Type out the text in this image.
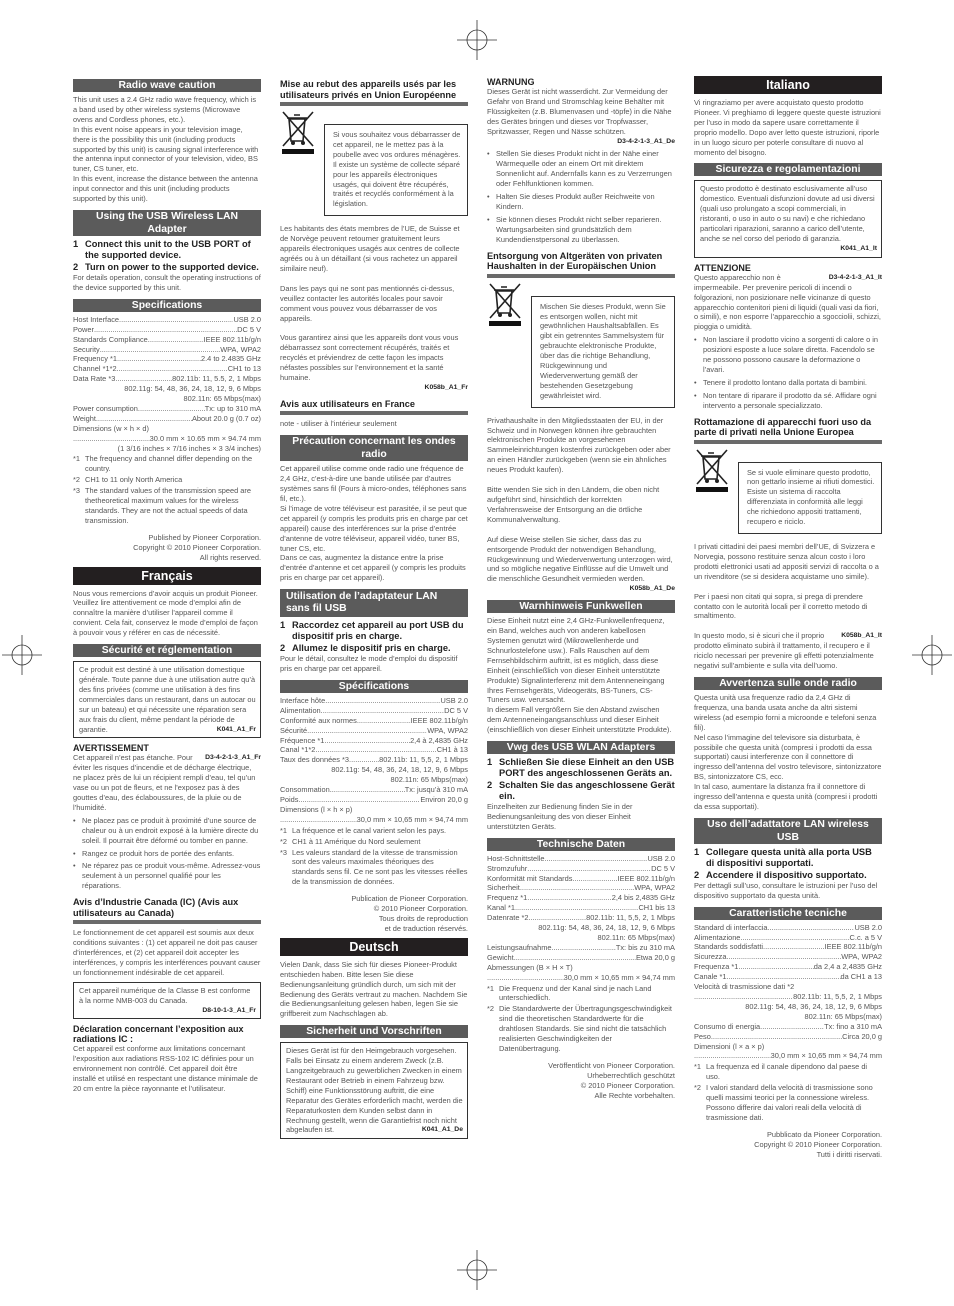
Radio wave caution

This unit uses a 2.4 GHz radio wave frequency, which is a band used by other wireless systems (Microwave ovens and Cordless phones, etc.).

In this event noise appears in your television image, there is the possibility this unit (including products supported by this unit) is causing signal interference with the antenna input connector of your television, video, BS tuner, CS tuner, etc.

In this event, increase the distance between the antenna input connector and this unit (including products supported by this unit).

Using the USB Wireless LAN Adapter
1 Connect this unit to the USB PORT of the supported device.
2 Turn on power to the supported device.

For details operation, consult the operating instructions of the device supported by this unit.

Specifications
Host Interface .....	USB 2.0
Power .....	DC 5 V
Standards Compliance .....	IEEE 802.11b/g/n
Security .....	WPA, WPA2
Frequency *1 .....	2.4 to 2.4835 GHz
Channel *1*2 .....	CH1 to 13
Data Rate *3 .....	802.11b: 11, 5.5, 2, 1 Mbps
802.11g: 54, 48, 36, 24, 18, 12, 9, 6 Mbps
802.11n: 65 Mbps(max)
Power consumption .....	Tx: up to 310 mA
Weight .....	About 20.0 g (0.7 oz)
Dimensions (w × h × d)
.....
30.0 mm × 10.65 mm × 94.74 mm
(1 3/16 inches × 7/16 inches × 3 3/4 inches)
*1 The frequency and channel differ depending on the country.
*2 CH1 to 11 only North America
*3 The standard values of the transmission speed are thetheoretical maximum values for the wireless standards. They are not the actual speeds of data transmission.
Published by Pioneer Corporation.
Copyright © 2010 Pioneer Corporation.
All rights reserved.
Français

Nous vous remercions d’avoir acquis un produit Pioneer. Veuillez lire attentivement ce mode d’emploi afin de connaître la manière d’utiliser l’appareil comme il convient. Cela fait, conservez le mode d’emploi de façon à pouvoir vous y référer en cas de nécessité.

Sécurité et réglementation
Ce produit est destiné à une utilisation domestique générale. Toute panne due à une utilisation autre qu’à des fins privées (comme une utilisation à des fins commerciales dans un restaurant, dans un autocar ou sur un bateau) et qui nécessite une réparation sera aux frais du client, même pendant la période de garantie.	K041_A1_Fr
AVERTISSEMENT

D3-4-2-1-3_A1_Fr
Cet appareil n’est pas étanche. Pour éviter les risques d’incendie et de décharge électrique, ne placez près de lui un récipient rempli d’eau, tel qu’un vase ou un pot de fleurs, et ne l’exposez pas à des gouttes d’eau, des éclaboussures, de la pluie ou de l’humidité.

• Ne placez pas ce produit à proximité d’une source de chaleur ou à un endroit exposé à la lumière directe du soleil. Il pourrait être déformé ou tomber en panne.
• Rangez ce produit hors de portée des enfants.
• Ne réparez pas ce produit vous-même. Adressez-vous seulement à un personnel qualifié pour les réparations.
Avis d’Industrie Canada (IC) (Avis aux utilisateurs au Canada)

Le fonctionnement de cet appareil est soumis aux deux conditions suivantes : (1) cet appareil ne doit pas causer d’interférences, et (2) cet appareil doit accepter les interférences, y compris les interférences pouvant causer un fonctionnement indésirable de cet appareil.

Cet appareil numérique de la Classe B est conforme à la norme NMB-003 du Canada.
D8-10-1-3_A1_Fr
Déclaration concernant l’exposition aux radiations IC :

Cet appareil est conforme aux limitations concernant l’exposition aux radiations RSS-102 IC définies pour un environnement non contrôlé. Cet appareil doit être installé et utilisé en respectant une distance minimale de 20 cm entre la pièce rayonnante et l’utilisateur.

Mise au rebut des appareils usés par les utilisateurs privés en Union Européenne
Si vous souhaitez vous débarrasser de cet appareil, ne le mettez pas à la poubelle avec vos ordures ménagères. Il existe un système de collecte séparé pour les appareils électroniques usagés, qui doivent être récupérés, traités et recyclés conformément à la législation.

Les habitants des états membres de l’UE, de Suisse et de Norvège peuvent retourner gratuitement leurs appareils électroniques usagés aux centres de collecte agréés ou à un détaillant (si vous rachetez un appareil similaire neuf).

Dans les pays qui ne sont pas mentionnés ci-dessus, veuillez contacter les autorités locales pour savoir comment vous pouvez vous débarrasser de vos appareils.

Vous garantirez ainsi que les appareils dont vous vous débarrassez sont correctement récupérés, traités et recyclés et préviendrez de cette façon les impacts néfastes possibles sur l’environnement et la santé humaine.
K058b_A1_Fr

Avis aux utilisateurs en France

note - utiliser à l’intérieur seulement

Précaution concernant les ondes radio

Cet appareil utilise comme onde radio une fréquence de 2,4 GHz, c’est-à-dire une bande utilisée par d’autres systèmes sans fil (Fours à micro-ondes, téléphones sans fil, etc.).

Si l’image de votre téléviseur est parasitée, il se peut que cet appareil (y compris les produits pris en charge par cet appareil) cause des interférences sur la prise d’entrée d’antenne de votre téléviseur, appareil vidéo, tuner BS, tuner CS, etc.

Dans ce cas, augmentez la distance entre la prise d’entrée d’antenne et cet appareil (y compris les produits pris en charge par cet appareil).

Utilisation de l’adaptateur LAN sans fil USB
1 Raccordez cet appareil au port USB du dispositif pris en charge.
2 Allumez le dispositif pris en charge.

Pour le détail, consultez le mode d’emploi du dispositif pris en charge par cet appareil.

Spécifications
Interface hôte .....	USB 2.0
Alimentation .....	DC 5 V
Conformité aux normes .....	IEEE 802.11b/g/n
Sécurité .....	WPA, WPA2
Fréquence *1 .....	2,4 à 2,4835 GHz
Canal *1*2 .....	CH1 à 13
Taux des données *3 .....	802.11b: 11, 5,5, 2, 1 Mbps
802.11g: 54, 48, 36, 24, 18, 12, 9, 6 Mbps
802.11n: 65 Mbps(max)
Consommation .....	Tx: jusqu’à 310 mA
Poids .....	Environ 20,0 g
Dimensions (l × h × p)
.....
30,0 mm × 10,65 mm × 94,74 mm
*1 La fréquence et le canal varient selon les pays.
*2 CH1 à 11 Amérique du Nord seulement
*3 Les valeurs standard de la vitesse de transmission sont des valeurs maximales théoriques des standards sens fil. Ce ne sont pas les vitesses réelles de la transmission de données.
Publication de Pioneer Corporation.
© 2010 Pioneer Corporation.
Tous droits de reproduction
et de traduction réservés.
Deutsch

Vielen Dank, dass Sie sich für dieses Pioneer-Produkt entschieden haben. Bitte lesen Sie diese Bedienungsanleitung gründlich durch, um sich mit der Bedienung des Geräts vertraut zu machen. Nachdem Sie die Bedienungsanleitung gelesen haben, legen Sie sie griffbereit zum Nachschlagen ab.

Sicherheit und Vorschriften
Dieses Gerät ist für den Heimgebrauch vorgesehen. Falls bei Einsatz zu einem anderem Zweck (z.B. Langzeitgebrauch zu gewerblichen Zwecken in einem Restaurant oder Betrieb in einem Fahrzeug bzw. Schiff) eine Funktionsstörung auftritt, die eine Reparatur des Gerätes erforderlich macht, werden die Reparaturkosten dem Kunden selbst dann in Rechnung gestellt, wenn die Garantiefrist noch nicht abgelaufen ist.	K041_A1_De
WARNUNG

Dieses Gerät ist nicht wasserdicht. Zur Vermeidung der Gefahr von Brand und Stromschlag keine Behälter mit Flüssigkeiten (z.B. Blumenvasen und -töpfe) in die Nähe des Gerätes bringen und dieses vor Tropfwasser, Spritzwasser, Regen und Nässe schützen.
D3-4-2-1-3_A1_De

• Stellen Sie dieses Produkt nicht in der Nähe einer Wärmequelle oder an einem Ort mit direktem Sonnenlicht auf. Andernfalls kann es zu Verzerrungen oder Fehlfunktionen kommen.
• Halten Sie dieses Produkt außer Reichweite von Kindern.
• Sie können dieses Produkt nicht selber reparieren. Wartungsarbeiten sind grundsätzlich dem Kundendienstpersonal zu überlassen.
Entsorgung von Altgeräten von privaten Haushalten in der Europäischen Union
Mischen Sie dieses Produkt, wenn Sie es entsorgen wollen, nicht mit gewöhnlichen Haushaltsabfällen. Es gibt ein getrenntes Sammelsystem für gebrauchte elektronische Produkte, über das die richtige Behandlung, Rückgewinnung und Wiederverwertung gemäß der bestehenden Gesetzgebung gewährleistet wird.

Privathaushalte in den Mitgliedsstaaten der EU, in der Schweiz und in Norwegen können ihre gebrauchten elektronischen Produkte an vorgesehenen Sammeleinrichtungen kostenfrei zurückgeben oder aber an einen Händler zurückgeben (wenn sie ein ähnliches neues Produkt kaufen).

Bitte wenden Sie sich in den Ländern, die oben nicht aufgeführt sind, hinsichtlich der korrekten Verfahrensweise der Entsorgung an die örtliche Kommunalverwaltung.

Auf diese Weise stellen Sie sicher, dass das zu entsorgende Produkt der notwendigen Behandlung, Rückgewinnung und Wiederverwertung unterzogen wird, und so mögliche negative Einflüsse auf die Umwelt und die menschliche Gesundheit vermieden werden.
K058b_A1_De

Warnhinweis Funkwellen

Diese Einheit nutzt eine 2,4 GHz-Funkwellenfrequenz, ein Band, welches auch von anderen kabellosen Systemen genutzt wird (Mikrowellenherde und Schnurlostelefone usw.). Falls Rauschen auf dem Fernsehbildschirm auftritt, ist es möglich, dass diese Einheit (einschließlich von dieser Einheit unterstützte Produkte) Signalinterferenz mit dem Antenneneingang Ihres Fernsehgeräts, Videogeräts, BS-Tuners, CS-Tuners usw. verursacht.

In diesem Fall vergrößern Sie den Abstand zwischen dem Antenneneingangsanschluss und dieser Einheit (einschließlich von dieser Einheit unterstützte Produkte).

Vwg des USB WLAN Adapters
1 Schließen Sie diese Einheit an den USB PORT des angeschlossenen Geräts an.
2 Schalten Sie das angeschlossene Gerät ein.

Einzelheiten zur Bedienung finden Sie in der Bedienungsanleitung des von dieser Einheit unterstützten Geräts.

Technische Daten
Host-Schnittstelle .....	USB 2.0
Stromzufuhr .....	DC 5 V
Konformität mit Standards .....	IEEE 802.11b/g/n
Sicherheit .....	WPA, WPA2
Frequenz *1 .....	2,4 bis 2,4835 GHz
Kanal *1 .....	CH1 bis 13
Datenrate *2 .....	802.11b: 11, 5,5, 2, 1 Mbps
802.11g: 54, 48, 36, 24, 18, 12, 9, 6 Mbps
802.11n: 65 Mbps(max)
Leistungsaufnahme .....	Tx: bis zu 310 mA
Gewicht .....	Etwa 20,0 g
Abmessungen (B × H × T)
.....
30,0 mm × 10,65 mm × 94,74 mm
*1 Die Frequenz und der Kanal sind je nach Land unterschiedlich.
*2 Die Standardwerte der Übertragungsgeschwindigkeit sind die theoretischen Standardwerte für die drahtlosen Standards. Sie sind nicht die tatsächlich realisierten Geschwindigkeiten der Datenübertragung.
Veröffentlicht von Pioneer Corporation.
Urheberrechtlich geschützt
© 2010 Pioneer Corporation.
Alle Rechte vorbehalten.
Italiano

Vi ringraziamo per avere acquistato questo prodotto Pioneer. Vi preghiamo di leggere queste queste istruzioni per l’uso in modo da sapere usare correttamente il proprio modello. Dopo aver letto queste istruzioni, riporle in un luogo sicuro per poterle consultare di nuovo al momento del bisogno.

Sicurezza e regolamentazioni
Questo prodotto è destinato esclusivamente all’uso domestico. Eventuali disfunzioni dovute ad usi diversi (quali uso prolungato a scopi commerciali, in ristoranti, o uso in auto o su navi) e che richiedano particolari riparazioni, saranno a carico dell’utente, anche se nel corso del periodo di garanzia.
K041_A1_It
ATTENZIONE

D3-4-2-1-3_A1_It
Questo apparecchio non è impermeabile. Per prevenire pericoli di incendi o folgorazioni, non posizionare nelle vicinanze di questo apparecchio contenitori pieni di liquidi (quali vasi da fiori, o simili), e non esporre l’apparecchio a sgocciolii, schizzi, pioggia o umidità.

• Non lasciare il prodotto vicino a sorgenti di calore o in posizioni esposte a luce solare diretta. Facendolo se ne possono possono causare la deformazione o l’avari.
• Tenere il prodotto lontano dalla portata di bambini.
• Non tentare di riparare il prodotto da sé. Affidare ogni intervento a personale specializzato.
Rottamazione di apparecchi fuori uso da parte di privati nella Unione Europea
Se si vuole eliminare questo prodotto, non gettarlo insieme ai rifiuti domestici. Esiste un sistema di raccolta differenziata in conformità alle leggi che richiedono appositi trattamenti, recupero e riciclo.

I privati cittadini dei paesi membri dell’UE, di Svizzera e Norvegia, possono restituire senza alcun costo i loro prodotti elettronici usati ad appositi servizi di raccolta o a un rivenditore (se si desidera acquistarne uno simile).

Per i paesi non citati qui sopra, si prega di prendere contatto con le autorità locali per il corretto metodo di smaltimento.

K058b_A1_It
In questo modo, si è sicuri che il proprio prodotto eliminato subirà il trattamento, il recupero e il riciclo necessari per prevenire gli effetti potenzialmente negativi sull’ambiente e sulla vita dell’uomo.

Avvertenza sulle onde radio

Questa unità usa frequenze radio da 2,4 GHz di frequenza, una banda usata anche da altri sistemi wireless (ad esempio forni a microonde e telefoni senza fili).

Nel caso l’immagine del televisore sia disturbata, è possibile che questa unità (compresi i prodotti da essa supportati) causi interferenze con il connettore di ingresso dell’antenna del vostro televisore, sintonizzatore BS, sintonizzatore CS, ecc.

In tal caso, aumentare la distanza fra il connettore di ingresso dell’antenna e questa unità (compresi i prodotti da essa supportati).

Uso dell’adattatore LAN wireless USB
1 Collegare questa unità alla porta USB di dispositivi supportati.
2 Accendere il dispositivo supportato.

Per dettagli sull’uso, consultare le istruzioni per l’uso del dispositivo supportato da questa unità.

Caratteristiche tecniche
Standard di interfaccia .....	USB 2.0
Alimentazione .....	C.c. a 5 V
Standards soddisfatti .....	IEEE 802.11b/g/n
Sicurezza .....	WPA, WPA2
Frequenza *1 .....	da 2,4 a 2,4835 GHz
Canale *1 .....	da CH1 a 13
Velocità di trasmissione dati *2
.....
802.11b: 11, 5,5, 2, 1 Mbps
802.11g: 54, 48, 36, 24, 18, 12, 9, 6 Mbps
802.11n: 65 Mbps(max)
Consumo di energia .....	Tx: fino a 310 mA
Peso .....	Circa 20,0 g
Dimensioni (l × a × p)
.....
30,0 mm × 10,65 mm × 94,74 mm
*1 La frequenza ed il canale dipendono dal paese di uso.
*2 I valori standard della velocità di trasmissione sono quelli massimi teorici per la connessione wireless. Possono differire dai valori reali della velocità di trasmissione dati.
Pubblicato da Pioneer Corporation.
Copyright © 2010 Pioneer Corporation.
Tutti i diritti riservati.
